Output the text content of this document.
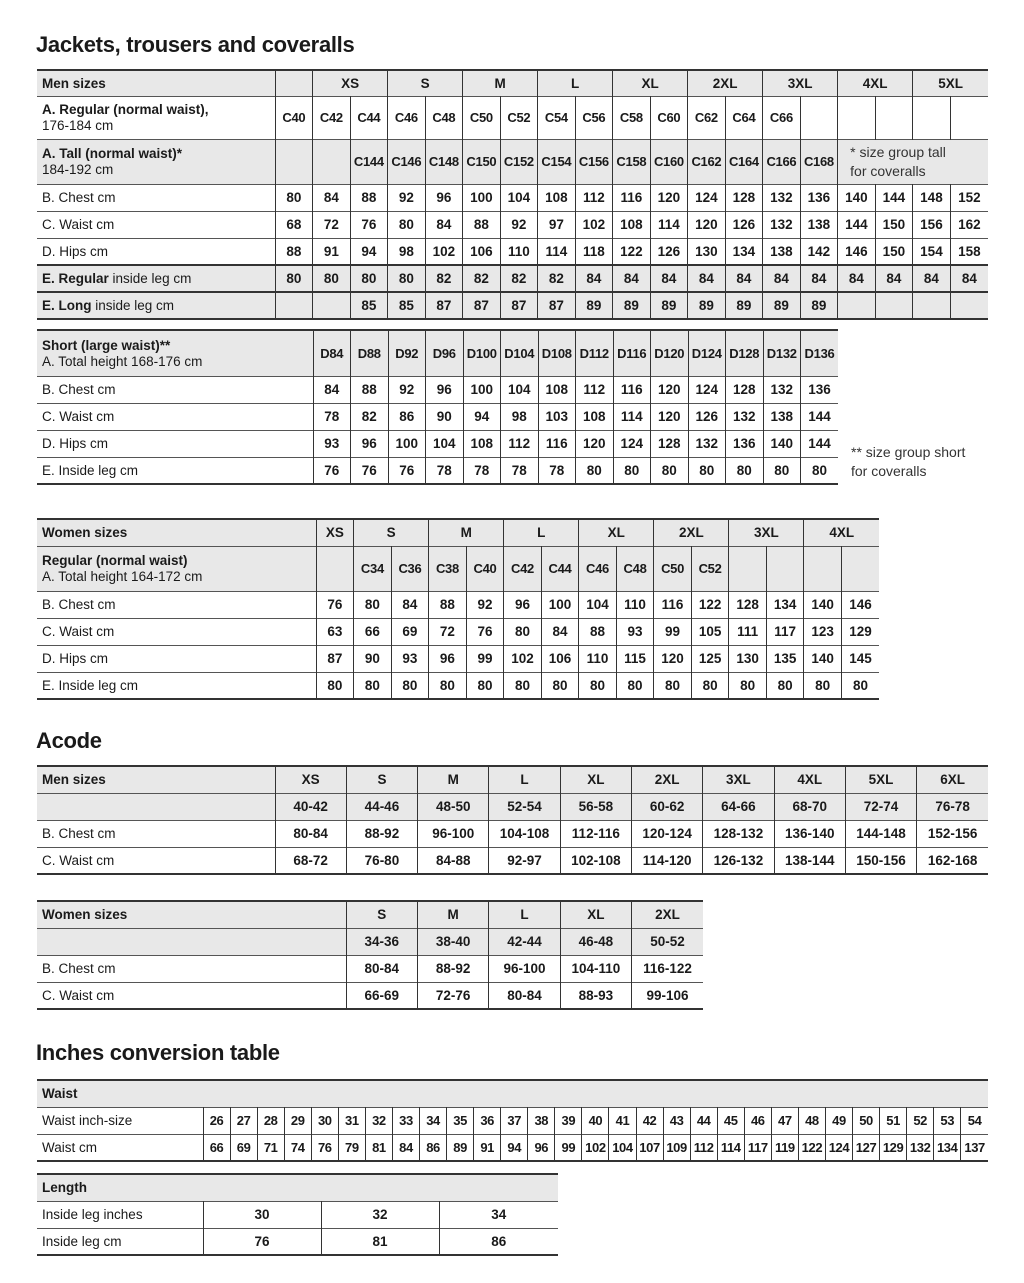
Jackets, trousers and coveralls
Men sizes		XS		S		M		L		XL		2XL		3XL		4XL		5XL	

A. Regular (normal waist),
176-184 cm	C40	C42	C44	C46	C48	C50	C52	C54	C56	C58	C60	C62	C64	C66					

A. Tall (normal waist)*
184-192 cm			C144	C146	C148	C150	C152	C154	C156	C158	C160	C162	C164	C166	C168	* size group tall
for coveralls			

B. Chest cm	80	84	88	92	96	100	104	108	112	116	120	124	128	132	136	140	144	148	152
C. Waist cm	68	72	76	80	84	88	92	97	102	108	114	120	126	132	138	144	150	156	162
D. Hips cm	88	91	94	98	102	106	110	114	118	122	126	130	134	138	142	146	150	154	158
E. Regular inside leg cm	80	80	80	80	82	82	82	82	84	84	84	84	84	84	84	84	84	84	84
E. Long inside leg cm			85	85	87	87	87	87	89	89	89	89	89	89	89				
Short (large waist)**
A. Total height 168-176 cm	D84	D88	D92	D96	D100	D104	D108	D112	D116	D120	D124	D128	D132	D136
B. Chest cm	84	88	92	96	100	104	108	112	116	120	124	128	132	136
C. Waist cm	78	82	86	90	94	98	103	108	114	120	126	132	138	144
D. Hips cm	93	96	100	104	108	112	116	120	124	128	132	136	140	144
E. Inside leg cm	76	76	76	78	78	78	78	80	80	80	80	80	80	80
** size group short
for coveralls
Women sizes	XS	S		M		L		XL		2XL		3XL		4XL	

Regular (normal waist)
A. Total height 164-172 cm		C34	C36	C38	C40	C42	C44	C46	C48	C50	C52				
B. Chest cm	76	80	84	88	92	96	100	104	110	116	122	128	134	140	146
C. Waist cm	63	66	69	72	76	80	84	88	93	99	105	111	117	123	129
D. Hips cm	87	90	93	96	99	102	106	110	115	120	125	130	135	140	145
E. Inside leg cm	80	80	80	80	80	80	80	80	80	80	80	80	80	80	80
Acode
Men sizes	XS	S	M	L	XL	2XL	3XL	4XL	5XL	6XL
	40-42	44-46	48-50	52-54	56-58	60-62	64-66	68-70	72-74	76-78
B. Chest cm	80-84	88-92	96-100	104-108	112-116	120-124	128-132	136-140	144-148	152-156
C. Waist cm	68-72	76-80	84-88	92-97	102-108	114-120	126-132	138-144	150-156	162-168
Women sizes	S	M	L	XL	2XL
	34-36	38-40	42-44	46-48	50-52
B. Chest cm	80-84	88-92	96-100	104-110	116-122
C. Waist cm	66-69	72-76	80-84	88-93	99-106
Inches conversion table
Waist																													
Waist inch-size	26	27	28	29	30	31	32	33	34	35	36	37	38	39	40	41	42	43	44	45	46	47	48	49	50	51	52	53	54
Waist cm	66	69	71	74	76	79	81	84	86	89	91	94	96	99	102	104	107	109	112	114	117	119	122	124	127	129	132	134	137
Length			
Inside leg inches	30	32	34
Inside leg cm	76	81	86
